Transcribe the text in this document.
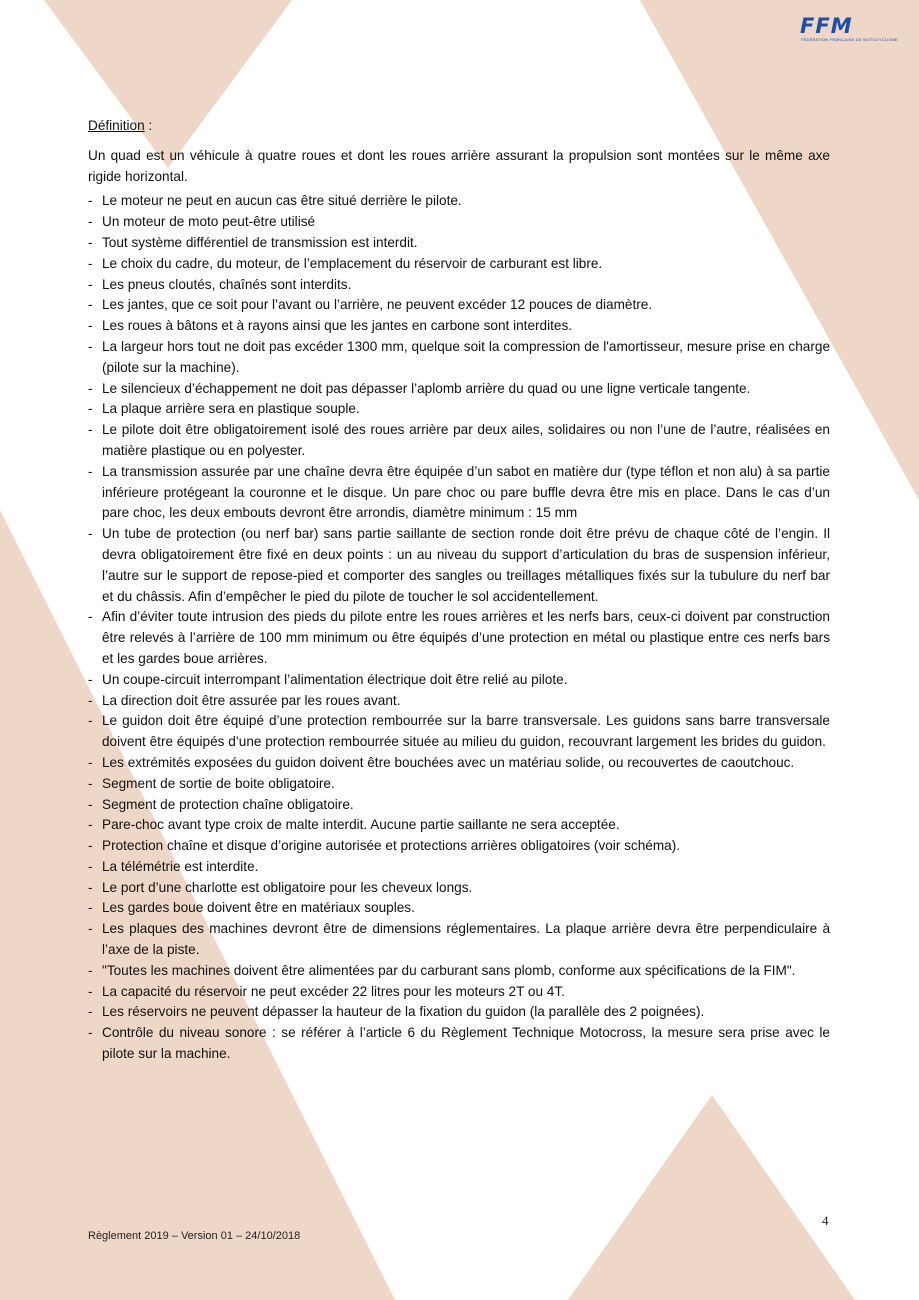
FFM
FÉDÉRATION FRANÇAISE DE MOTOCYCLISME

Définition :

Un quad est un véhicule à quatre roues et dont les roues arrière assurant la propulsion sont montées sur le même axe rigide horizontal.

- Le moteur ne peut en aucun cas être situé derrière le pilote.
- Un moteur de moto peut-être utilisé
- Tout système différentiel de transmission est interdit.
- Le choix du cadre, du moteur, de l’emplacement du réservoir de carburant est libre.
- Les pneus cloutés, chaînés sont interdits.
- Les jantes, que ce soit pour l’avant ou l’arrière, ne peuvent excéder 12 pouces de diamètre.
- Les roues à bâtons et à rayons ainsi que les jantes en carbone sont interdites.
- La largeur hors tout ne doit pas excéder 1300 mm, quelque soit la compression de l'amortisseur, mesure prise en charge (pilote sur la machine).
- Le silencieux d’échappement ne doit pas dépasser l’aplomb arrière du quad ou une ligne verticale tangente.
- La plaque arrière sera en plastique souple.
- Le pilote doit être obligatoirement isolé des roues arrière par deux ailes, solidaires ou non l’une de l’autre, réalisées en matière plastique ou en polyester.
- La transmission assurée par une chaîne devra être équipée d’un sabot en matière dur (type téflon et non alu) à sa partie inférieure protégeant la couronne et le disque. Un pare choc ou pare buffle devra être mis en place. Dans le cas d’un pare choc, les deux embouts devront être arrondis, diamètre minimum : 15 mm
- Un tube de protection (ou nerf bar) sans partie saillante de section ronde doit être prévu de chaque côté de l’engin. Il devra obligatoirement être fixé en deux points : un au niveau du support d’articulation du bras de suspension inférieur, l’autre sur le support de repose-pied et comporter des sangles ou treillages métalliques fixés sur la tubulure du nerf bar et du châssis. Afin d’empêcher le pied du pilote de toucher le sol accidentellement.
- Afin d’éviter toute intrusion des pieds du pilote entre les roues arrières et les nerfs bars, ceux-ci doivent par construction être relevés à l’arrière de 100 mm minimum ou être équipés d’une protection en métal ou plastique entre ces nerfs bars et les gardes boue arrières.
- Un coupe-circuit interrompant l’alimentation électrique doit être relié au pilote.
- La direction doit être assurée par les roues avant.
- Le guidon doit être équipé d’une protection rembourrée sur la barre transversale. Les guidons sans barre transversale doivent être équipés d’une protection rembourrée située au milieu du guidon, recouvrant largement les brides du guidon.
- Les extrémités exposées du guidon doivent être bouchées avec un matériau solide, ou recouvertes de caoutchouc.
- Segment de sortie de boite obligatoire.
- Segment de protection chaîne obligatoire.
- Pare-choc avant type croix de malte interdit. Aucune partie saillante ne sera acceptée.
- Protection chaîne et disque d’origine autorisée et protections arrières obligatoires (voir schéma).
- La télémétrie est interdite.
- Le port d’une charlotte est obligatoire pour les cheveux longs.
- Les gardes boue doivent être en matériaux souples.
- Les plaques des machines devront être de dimensions réglementaires. La plaque arrière devra être perpendiculaire à l’axe de la piste.
- "Toutes les machines doivent être alimentées par du carburant sans plomb, conforme aux spécifications de la FIM".
- La capacité du réservoir ne peut excéder 22 litres pour les moteurs 2T ou 4T.
- Les réservoirs ne peuvent dépasser la hauteur de la fixation du guidon (la parallèle des 2 poignées).
- Contrôle du niveau sonore : se référer à l’article 6 du Règlement Technique Motocross, la mesure sera prise avec le pilote sur la machine.
Règlement 2019 – Version 01 – 24/10/2018
4
